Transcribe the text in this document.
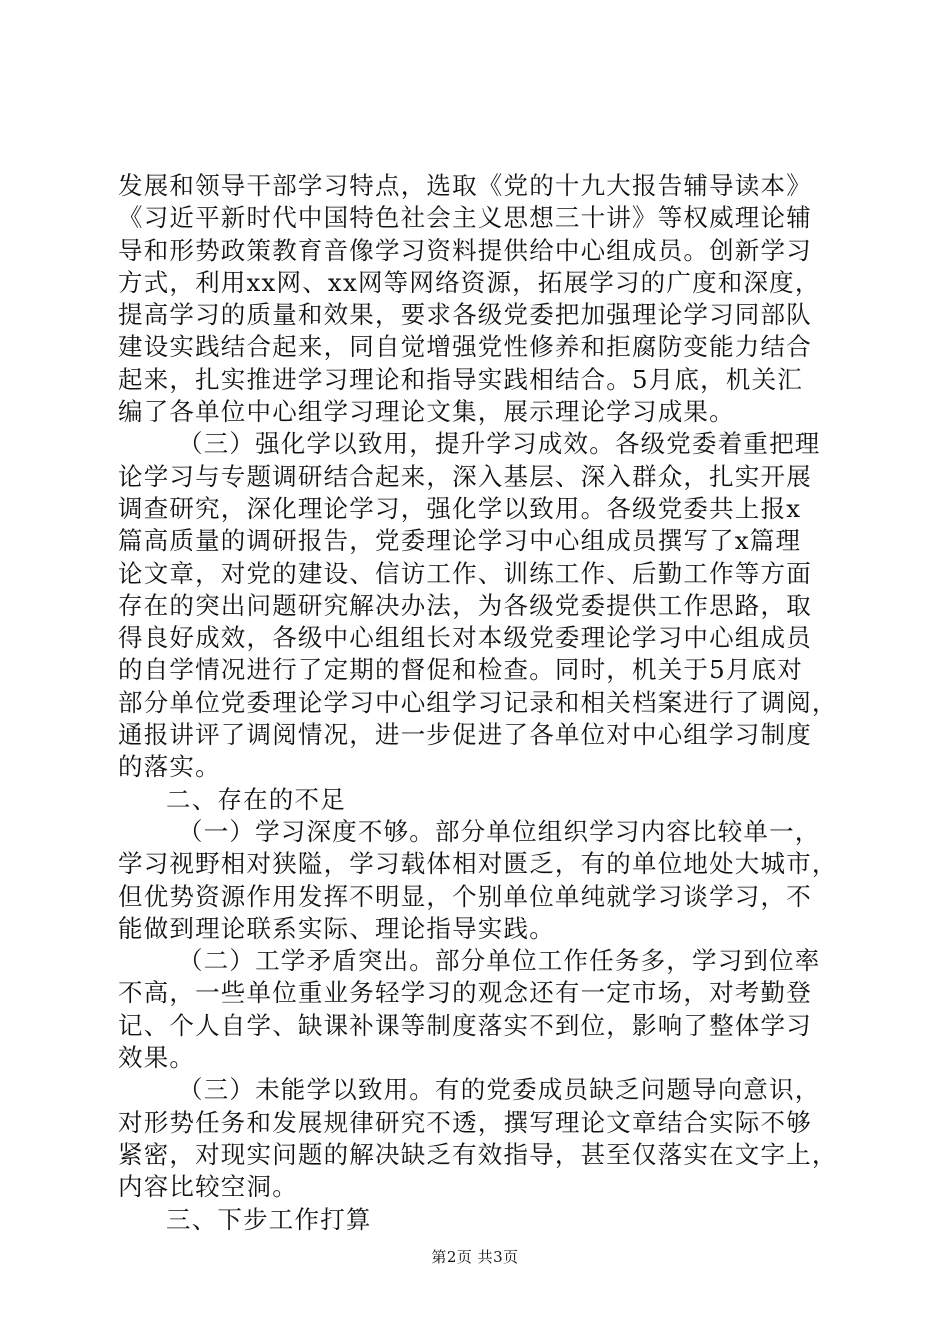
发展和领导干部学习特点，选取《党的十九大报告辅导读本》
《习近平新时代中国特色社会主义思想三十讲》等权威理论辅
导和形势政策教育音像学习资料提供给中心组成员。创新学习
方式，利用xx网、xx网等网络资源，拓展学习的广度和深度，
提高学习的质量和效果，要求各级党委把加强理论学习同部队
建设实践结合起来，同自觉增强党性修养和拒腐防变能力结合
起来，扎实推进学习理论和指导实践相结合。5月底，机关汇
编了各单位中心组学习理论文集，展示理论学习成果。
（三）强化学以致用，提升学习成效。各级党委着重把理
论学习与专题调研结合起来，深入基层、深入群众，扎实开展
调查研究，深化理论学习，强化学以致用。各级党委共上报x
篇高质量的调研报告，党委理论学习中心组成员撰写了x篇理
论文章，对党的建设、信访工作、训练工作、后勤工作等方面
存在的突出问题研究解决办法，为各级党委提供工作思路，取
得良好成效，各级中心组组长对本级党委理论学习中心组成员
的自学情况进行了定期的督促和检查。同时，机关于5月底对
部分单位党委理论学习中心组学习记录和相关档案进行了调阅，
通报讲评了调阅情况，进一步促进了各单位对中心组学习制度
的落实。
二、存在的不足
（一）学习深度不够。部分单位组织学习内容比较单一，
学习视野相对狭隘，学习载体相对匮乏，有的单位地处大城市，
但优势资源作用发挥不明显，个别单位单纯就学习谈学习，不
能做到理论联系实际、理论指导实践。
（二）工学矛盾突出。部分单位工作任务多，学习到位率
不高，一些单位重业务轻学习的观念还有一定市场，对考勤登
记、个人自学、缺课补课等制度落实不到位，影响了整体学习
效果。
（三）未能学以致用。有的党委成员缺乏问题导向意识，
对形势任务和发展规律研究不透，撰写理论文章结合实际不够
紧密，对现实问题的解决缺乏有效指导，甚至仅落实在文字上，
内容比较空洞。
三、下步工作打算
第2页 共3页
